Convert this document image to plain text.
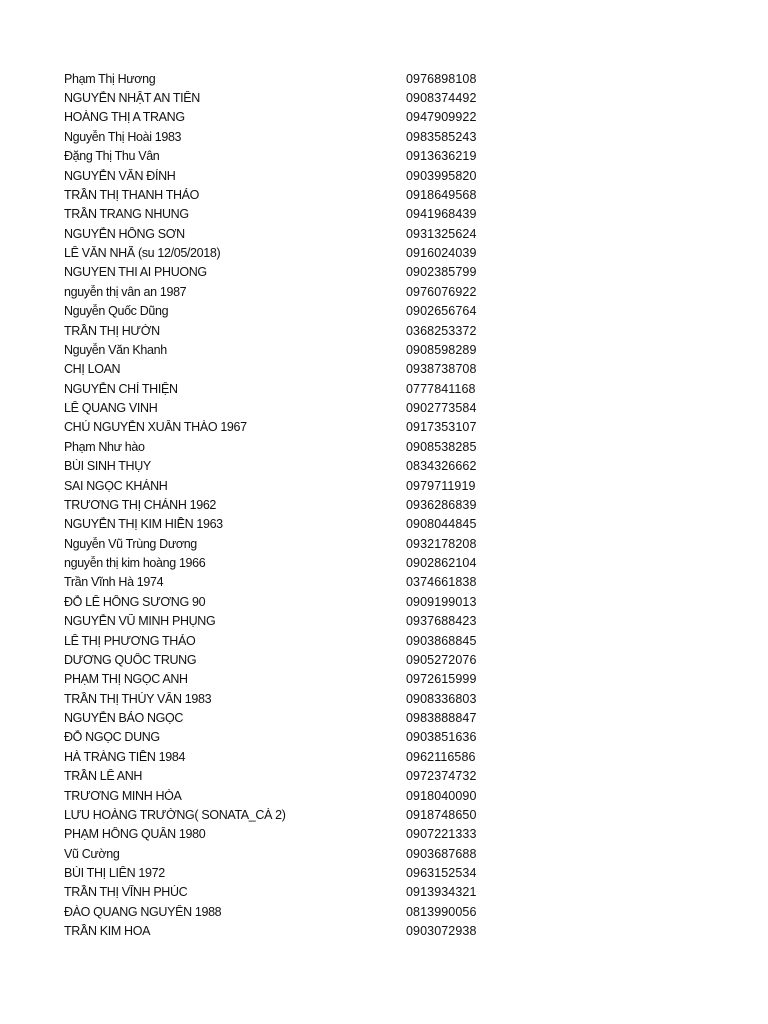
Phạm Thị Hương	0976898108
NGUYỄN NHẬT AN TIÊN	0908374492
HOÀNG THỊ A TRANG	0947909922
Nguyễn Thị Hoài 1983	0983585243
Đặng Thị Thu Vân	0913636219
NGUYỄN VĂN ĐÍNH	0903995820
TRẦN THỊ THANH THẢO	0918649568
TRẦN TRANG NHUNG	0941968439
NGUYỄN HỒNG SƠN	0931325624
LÊ VĂN NHÃ (su 12/05/2018)	0916024039
NGUYEN THI AI PHUONG	0902385799
nguyễn thị vân an 1987	0976076922
Nguyễn Quốc Dũng	0902656764
TRẦN THỊ HƯỜN	0368253372
Nguyễn Văn Khanh	0908598289
CHỊ LOAN	0938738708
NGUYỄN CHÍ THIỆN	0777841168
LÊ QUANG VINH	0902773584
CHÚ NGUYỄN XUÂN THÀO 1967	0917353107
Phạm Như hào	0908538285
BÙI SINH THỤY	0834326662
SAI NGỌC KHÁNH	0979711919
TRƯƠNG THỊ CHÁNH 1962	0936286839
NGUYỄN THỊ KIM HIỀN 1963	0908044845
Nguyễn Vũ Trùng Dương	0932178208
nguyễn thị kim hoàng 1966	0902862104
Trần Vĩnh Hà 1974	0374661838
ĐỖ LÊ HỒNG SƯƠNG 90	0909199013
NGUYỄN VŨ MINH PHỤNG	0937688423
LÊ THỊ PHƯƠNG THẢO	0903868845
DƯƠNG QUỐC TRUNG	0905272076
PHẠM THỊ NGỌC ANH	0972615999
TRẦN THỊ THÚY VÂN 1983	0908336803
NGUYỄN BẢO NGỌC	0983888847
ĐỖ NGỌC DUNG	0903851636
HÀ TRÀNG TIỀN 1984	0962116586
TRẦN LÊ ANH	0972374732
TRƯƠNG MINH HÒA	0918040090
LƯU HOÀNG TRƯỜNG( SONATA_CÀ 2)	0918748650
PHẠM HỒNG QUÂN 1980	0907221333
Vũ Cường	0903687688
BÙI THỊ LIÊN 1972	0963152534
TRẦN THỊ VĨNH PHÚC	0913934321
ĐÀO QUANG NGUYÊN 1988	0813990056
TRẦN KIM HOA	0903072938
